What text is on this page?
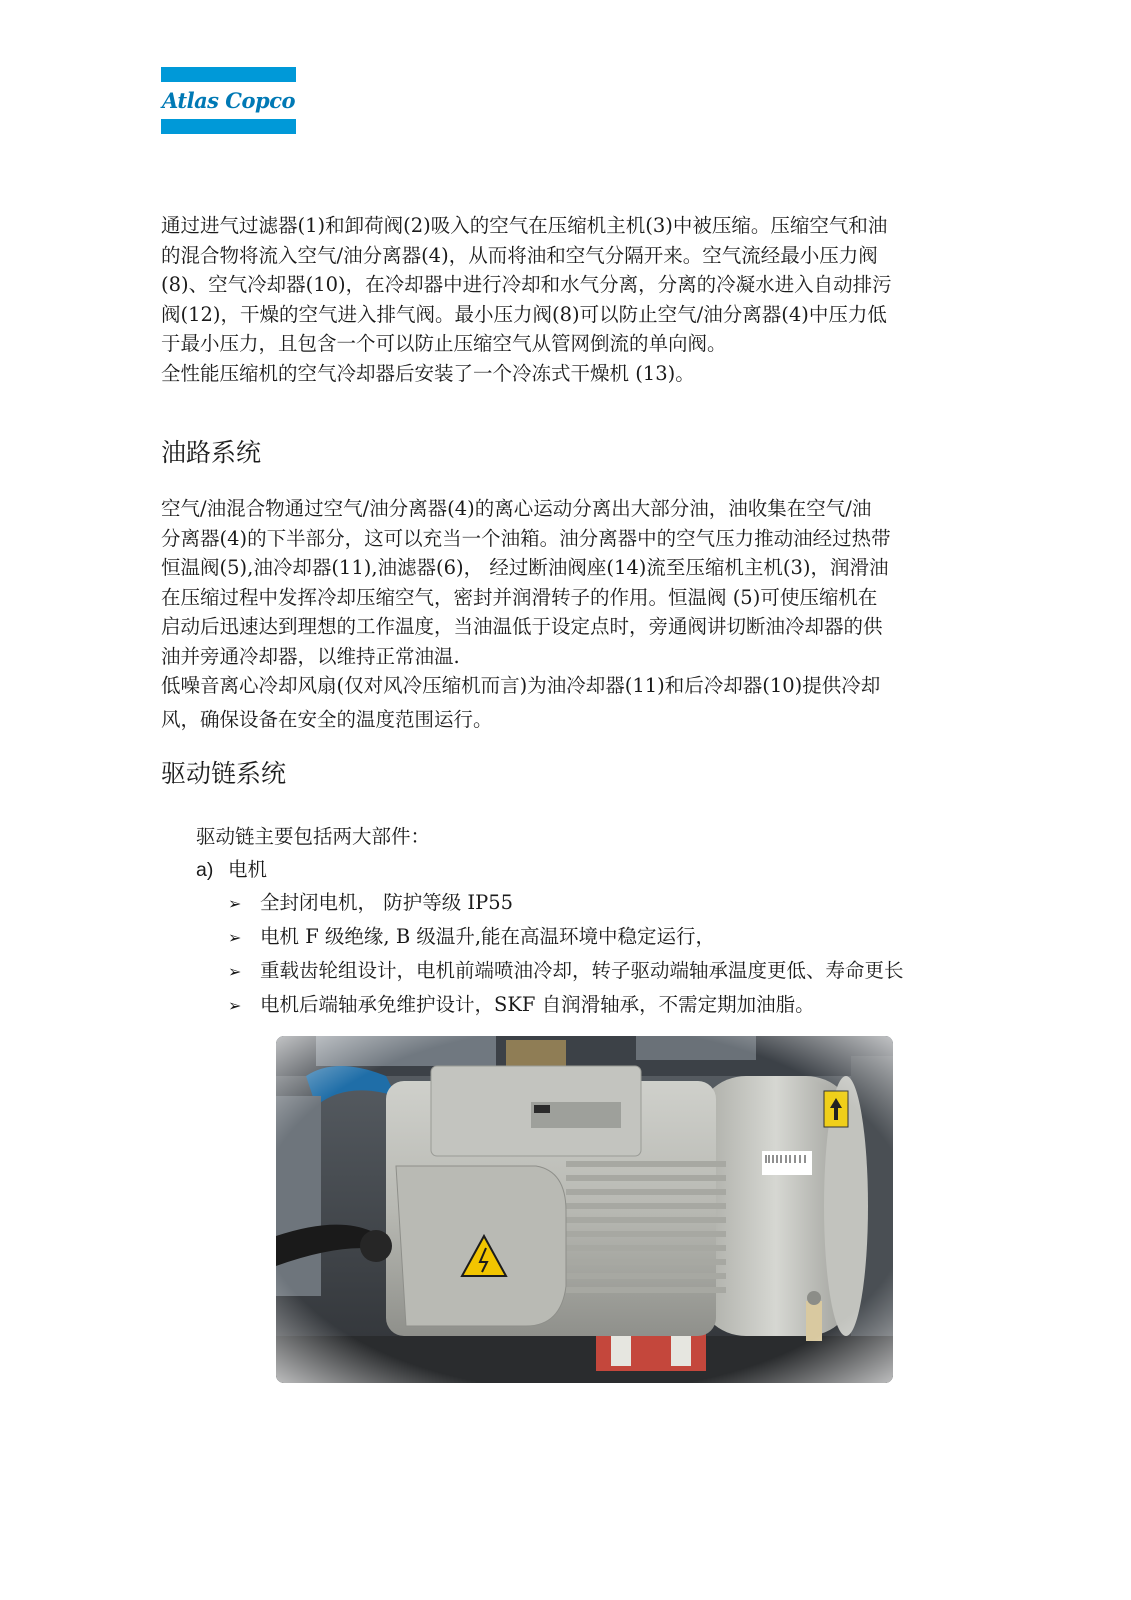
Atlas Copco

通过进气过滤器(1)和卸荷阀(2)吸入的空气在压缩机主机(3)中被压缩。压缩空气和油
的混合物将流入空气/油分离器(4)，从而将油和空气分隔开来。空气流经最小压力阀
(8)、空气冷却器(10)，在冷却器中进行冷却和水气分离，分离的冷凝水进入自动排污
阀(12)，干燥的空气进入排气阀。最小压力阀(8)可以防止空气/油分离器(4)中压力低
于最小压力，且包含一个可以防止压缩空气从管网倒流的单向阀。
全性能压缩机的空气冷却器后安装了一个冷冻式干燥机 (13)。

油路系统

空气/油混合物通过空气/油分离器(4)的离心运动分离出大部分油，油收集在空气/油
分离器(4)的下半部分，这可以充当一个油箱。油分离器中的空气压力推动油经过热带
恒温阀(5),油冷却器(11),油滤器(6)， 经过断油阀座(14)流至压缩机主机(3)，润滑油
在压缩过程中发挥冷却压缩空气，密封并润滑转子的作用。恒温阀 (5)可使压缩机在
启动后迅速达到理想的工作温度，当油温低于设定点时，旁通阀讲切断油冷却器的供
油并旁通冷却器，以维持正常油温.
低噪音离心冷却风扇(仅对风冷压缩机而言)为油冷却器(11)和后冷却器(10)提供冷却
风，确保设备在安全的温度范围运行。

驱动链系统

驱动链主要包括两大部件：

a) 电机
➢ 全封闭电机， 防护等级 IP55
➢ 电机 F 级绝缘, B 级温升,能在高温环境中稳定运行，
➢ 重载齿轮组设计，电机前端喷油冷却，转子驱动端轴承温度更低、寿命更长
➢ 电机后端轴承免维护设计，SKF 自润滑轴承，不需定期加油脂。
